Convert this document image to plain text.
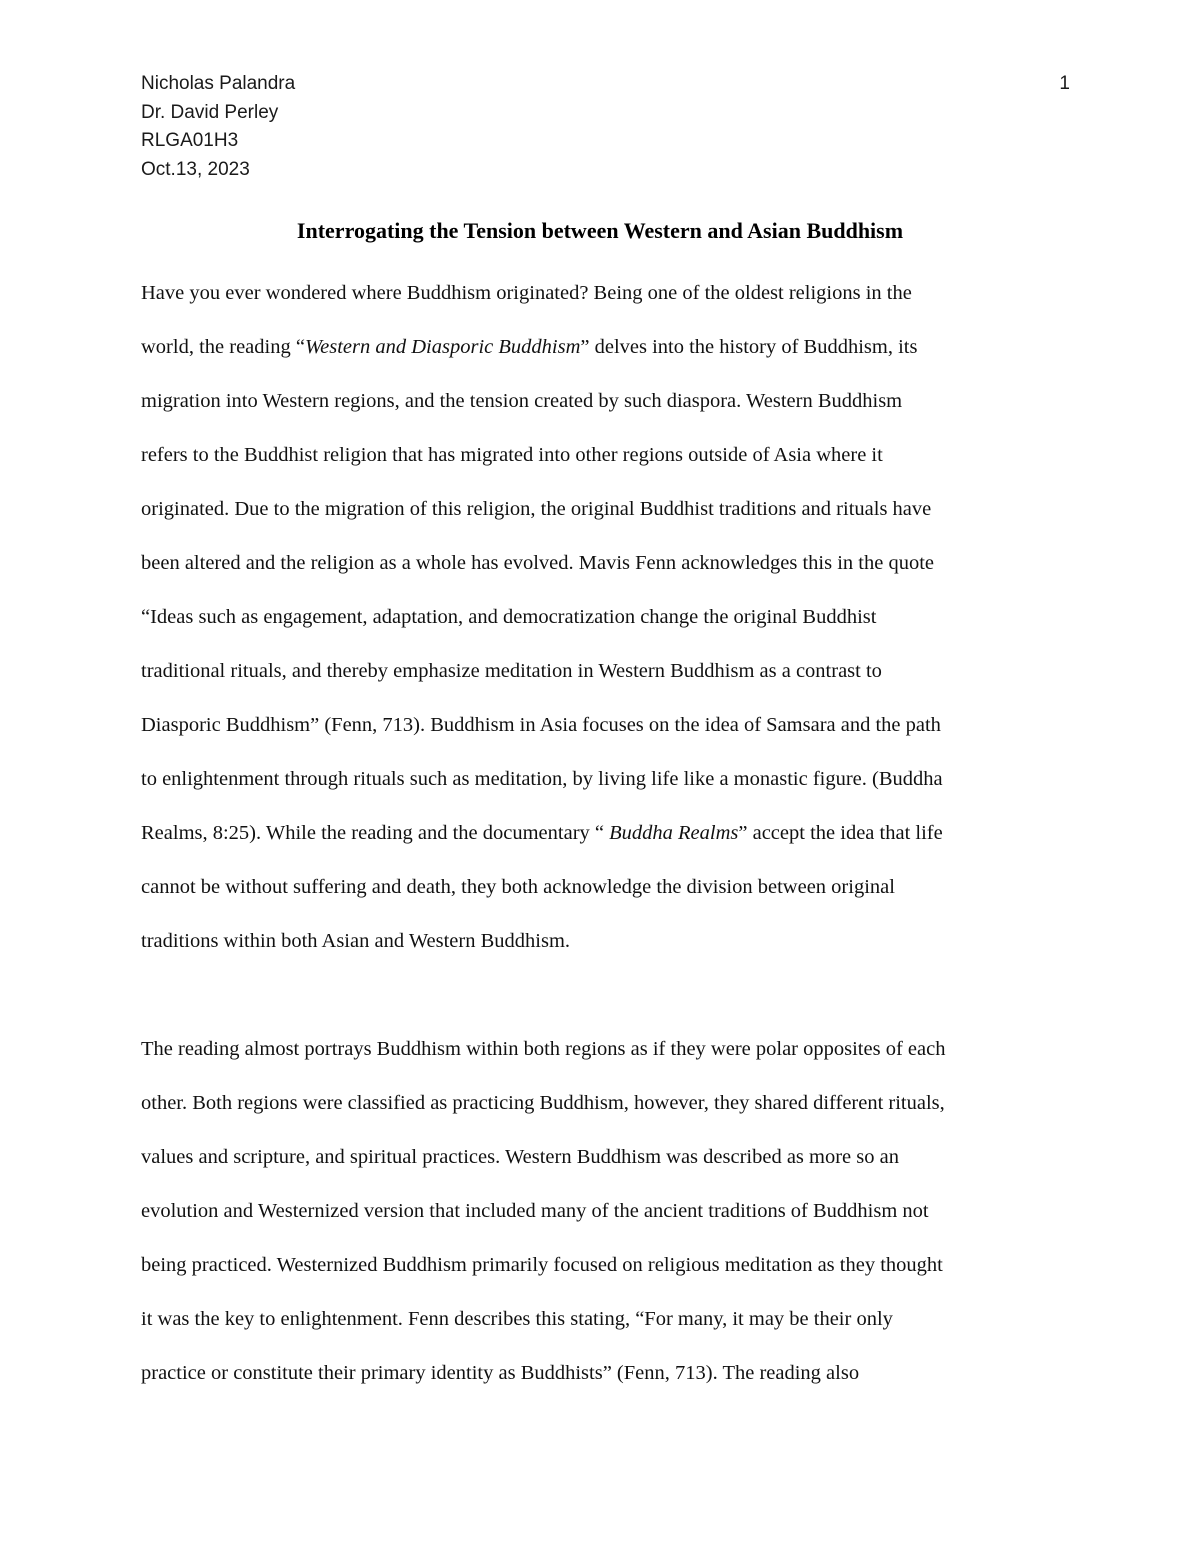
Nicholas Palandra
Dr. David Perley
RLGA01H3
Oct.13, 2023
1
Interrogating the Tension between Western and Asian Buddhism
Have you ever wondered where Buddhism originated? Being one of the oldest religions in the
world, the reading “Western and Diasporic Buddhism” delves into the history of Buddhism, its
migration into Western regions, and the tension created by such diaspora. Western Buddhism
refers to the Buddhist religion that has migrated into other regions outside of Asia where it
originated. Due to the migration of this religion, the original Buddhist traditions and rituals have
been altered and the religion as a whole has evolved. Mavis Fenn acknowledges this in the quote
“Ideas such as engagement, adaptation, and democratization change the original Buddhist
traditional rituals, and thereby emphasize meditation in Western Buddhism as a contrast to
Diasporic Buddhism” (Fenn, 713). Buddhism in Asia focuses on the idea of Samsara and the path
to enlightenment through rituals such as meditation, by living life like a monastic figure. (Buddha
Realms, 8:25). While the reading and the documentary “ Buddha Realms” accept the idea that life
cannot be without suffering and death, they both acknowledge the division between original
traditions within both Asian and Western Buddhism.
The reading almost portrays Buddhism within both regions as if they were polar opposites of each
other. Both regions were classified as practicing Buddhism, however, they shared different rituals,
values and scripture, and spiritual practices. Western Buddhism was described as more so an
evolution and Westernized version that included many of the ancient traditions of Buddhism not
being practiced. Westernized Buddhism primarily focused on religious meditation as they thought
it was the key to enlightenment. Fenn describes this stating, “For many, it may be their only
practice or constitute their primary identity as Buddhists” (Fenn, 713). The reading also
